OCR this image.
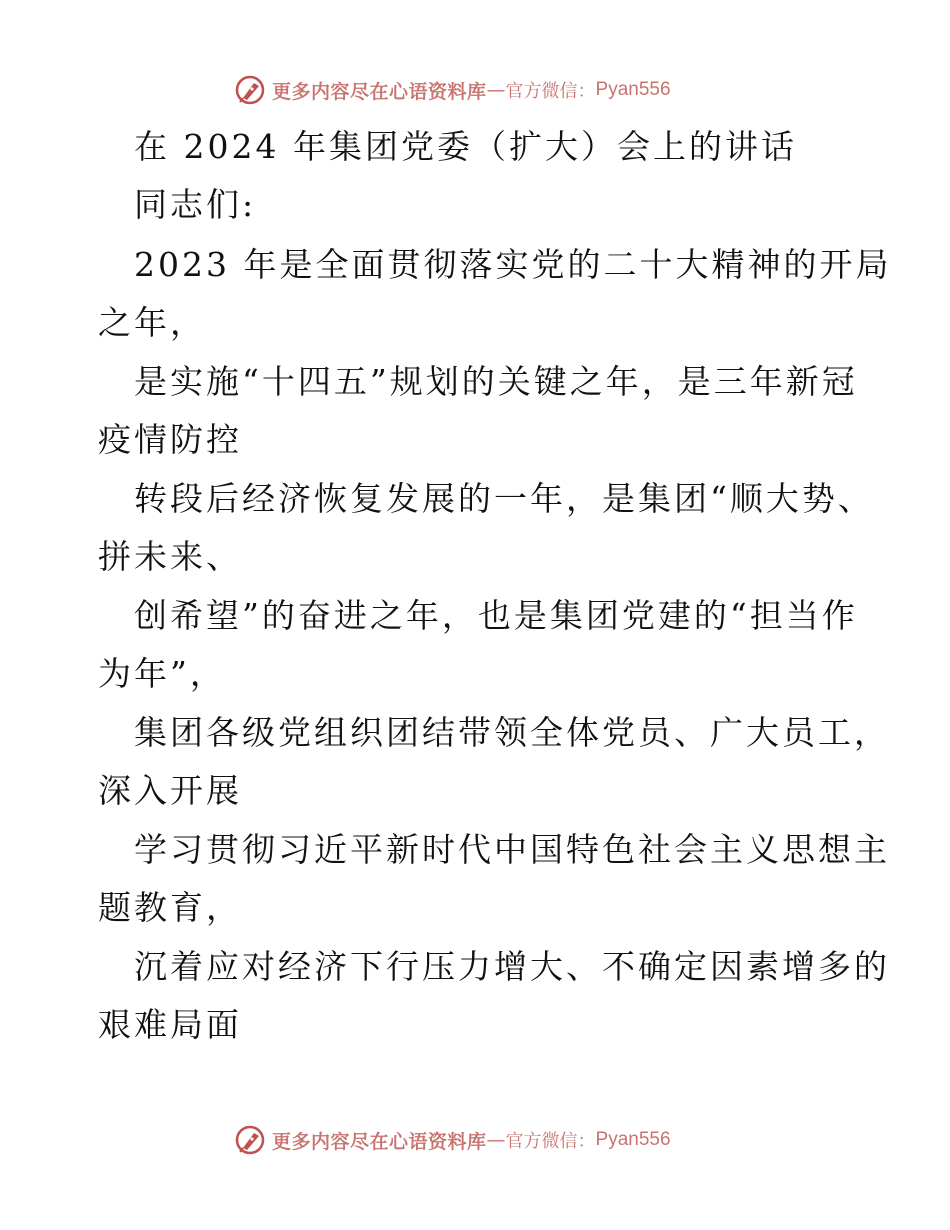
更多内容尽在心语资料库 — 官方微信： Pyan556
在 2024 年集团党委（扩大）会上的讲话
同志们:
2023 年是全面贯彻落实党的二十大精神的开局
之年，
是实施“十四五”规划的关键之年，是三年新冠
疫情防控
转段后经济恢复发展的一年，是集团“顺大势、
拼未来、
创希望”的奋进之年，也是集团党建的“担当作
为年”，
集团各级党组织团结带领全体党员、广大员工，
深入开展
学习贯彻习近平新时代中国特色社会主义思想主
题教育，
沉着应对经济下行压力增大、不确定因素增多的
艰难局面
更多内容尽在心语资料库 — 官方微信： Pyan556
